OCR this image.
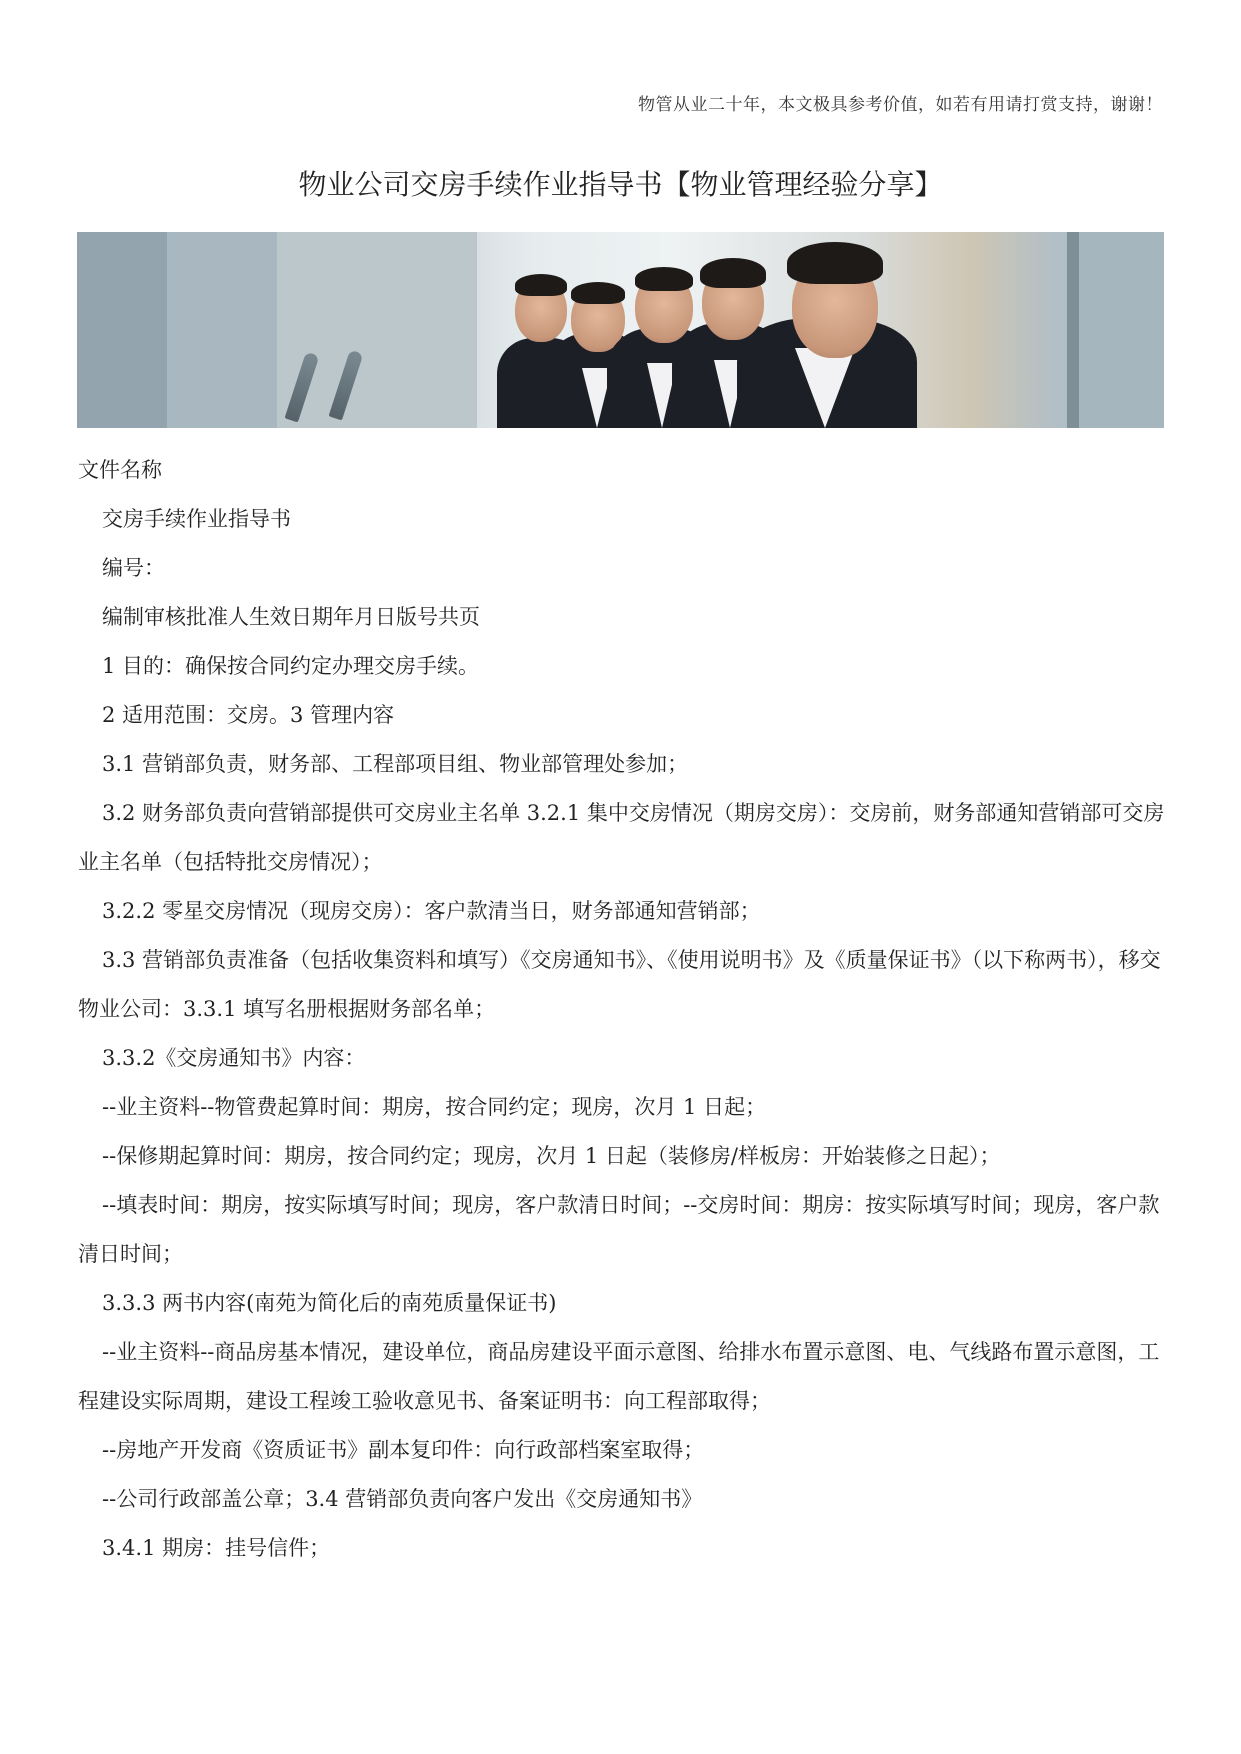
物管从业二十年，本文极具参考价值，如若有用请打赏支持，谢谢！
物业公司交房手续作业指导书【物业管理经验分享】

文件名称

交房手续作业指导书

编号：

编制审核批准人生效日期年月日版号共页

1 目的：确保按合同约定办理交房手续。

2 适用范围：交房。3 管理内容

3.1 营销部负责，财务部、工程部项目组、物业部管理处参加；

3.2 财务部负责向营销部提供可交房业主名单 3.2.1 集中交房情况（期房交房）：交房前，财务部通知营销部可交房业主名单（包括特批交房情况）；

3.2.2 零星交房情况（现房交房）：客户款清当日，财务部通知营销部；

3.3 营销部负责准备（包括收集资料和填写）《交房通知书》、《使用说明书》及《质量保证书》（以下称两书），移交物业公司：3.3.1 填写名册根据财务部名单；

3.3.2《交房通知书》内容：

--业主资料--物管费起算时间：期房，按合同约定；现房，次月 1 日起；

--保修期起算时间：期房，按合同约定；现房，次月 1 日起（装修房/样板房：开始装修之日起）；

--填表时间：期房，按实际填写时间；现房，客户款清日时间；--交房时间：期房：按实际填写时间；现房，客户款清日时间；

3.3.3 两书内容(南苑为简化后的南苑质量保证书)

--业主资料--商品房基本情况，建设单位，商品房建设平面示意图、给排水布置示意图、电、气线路布置示意图，工程建设实际周期，建设工程竣工验收意见书、备案证明书：向工程部取得；

--房地产开发商《资质证书》副本复印件：向行政部档案室取得；

--公司行政部盖公章；3.4 营销部负责向客户发出《交房通知书》

3.4.1 期房：挂号信件；
